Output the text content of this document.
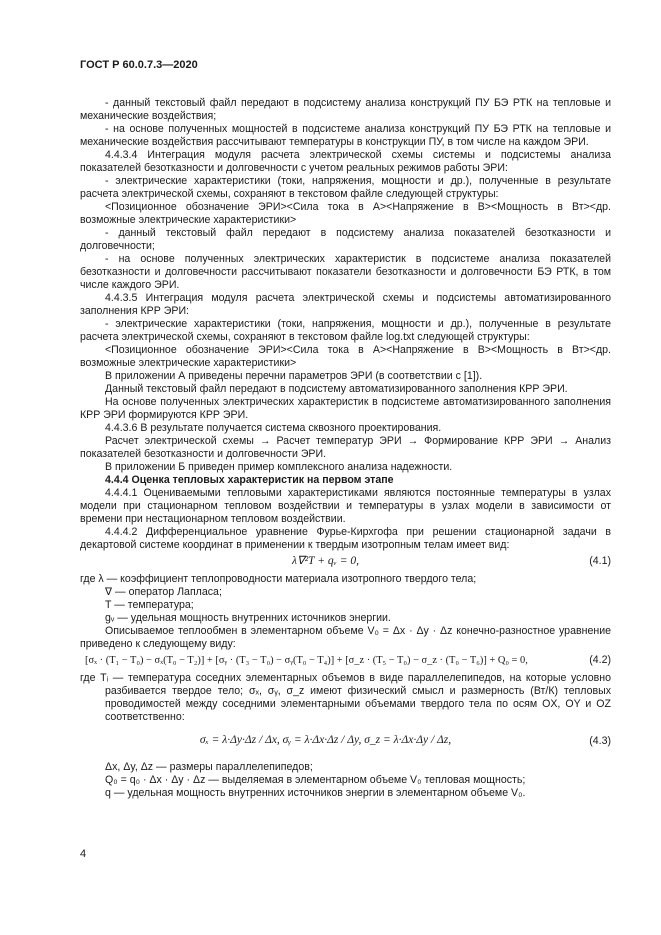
ГОСТ Р 60.0.7.3—2020

- данный текстовый файл передают в подсистему анализа конструкций ПУ БЭ РТК на тепловые и механические воздействия;

- на основе полученных мощностей в подсистеме анализа конструкций ПУ БЭ РТК на тепловые и механические воздействия рассчитывают температуры в конструкции ПУ, в том числе на каждом ЭРИ.

4.4.3.4 Интеграция модуля расчета электрической схемы системы и подсистемы анализа показателей безотказности и долговечности с учетом реальных режимов работы ЭРИ:

- электрические характеристики (токи, напряжения, мощности и др.), полученные в результате расчета электрической схемы, сохраняют в текстовом файле следующей структуры:

<Позиционное обозначение ЭРИ><Сила тока в А><Напряжение в В><Мощность в Вт><др. возможные электрические характеристики>

- данный текстовый файл передают в подсистему анализа показателей безотказности и долговечности;

- на основе полученных электрических характеристик в подсистеме анализа показателей безотказности и долговечности рассчитывают показатели безотказности и долговечности БЭ РТК, в том числе каждого ЭРИ.

4.4.3.5 Интеграция модуля расчета электрической схемы и подсистемы автоматизированного заполнения КРР ЭРИ:

- электрические характеристики (токи, напряжения, мощности и др.), полученные в результате расчета электрической схемы, сохраняют в текстовом файле log.txt следующей структуры:

<Позиционное обозначение ЭРИ><Сила тока в А><Напряжение в В><Мощность в Вт><др. возможные электрические характеристики>

В приложении А приведены перечни параметров ЭРИ (в соответствии с [1]).

Данный текстовый файл передают в подсистему автоматизированного заполнения КРР ЭРИ.

На основе полученных электрических характеристик в подсистеме автоматизированного заполнения КРР ЭРИ формируются КРР ЭРИ.

4.4.3.6 В результате получается система сквозного проектирования.

Расчет электрической схемы → Расчет температур ЭРИ → Формирование КРР ЭРИ → Анализ показателей безотказности и долговечности ЭРИ.

В приложении Б приведен пример комплексного анализа надежности.

4.4.4 Оценка тепловых характеристик на первом этапе

4.4.4.1 Оцениваемыми тепловыми характеристиками являются постоянные температуры в узлах модели при стационарном тепловом воздействии и температуры в узлах модели в зависимости от времени при нестационарном тепловом воздействии.

4.4.4.2 Дифференциальное уравнение Фурье-Кирхгофа при решении стационарной задачи в декартовой системе координат в применении к твердым изотропным телам имеет вид:

λ∇²T + qᵥ = 0,	(4.1)

где λ — коэффициент теплопроводности материала изотропного твердого тела;

∇ — оператор Лапласа;

T — температура;

gᵥ — удельная мощность внутренних источников энергии.

Описываемое теплообмен в элементарном объеме V₀ = Δx · Δy · Δz конечно-разностное уравнение приведено к следующему виду:

[σₓ · (T₁ − T₀) − σₓ(T₀ − T₂)] + [σᵧ · (T₃ − T₀) − σᵧ(T₀ − T₄)] + [σ_z · (T₅ − T₀) − σ_z · (T₀ − T₆)] + Q₀ = 0,	(4.2)

где Tᵢ — температура соседних элементарных объемов в виде параллелепипедов, на которые условно разбивается твердое тело; σₓ, σᵧ, σ_z имеют физический смысл и размерность (Вт/К) тепловых проводимостей между соседними элементарными объемами твердого тела по осям OX, OY и OZ соответственно:

σₓ = λ·Δy·Δz / Δx, σᵧ = λ·Δx·Δz / Δy, σ_z = λ·Δx·Δy / Δz,	(4.3)

Δx, Δy, Δz — размеры параллелепипедов;

Q₀ = q₀ · Δx · Δy · Δz — выделяемая в элементарном объеме V₀ тепловая мощность;

q — удельная мощность внутренних источников энергии в элементарном объеме V₀.

4
